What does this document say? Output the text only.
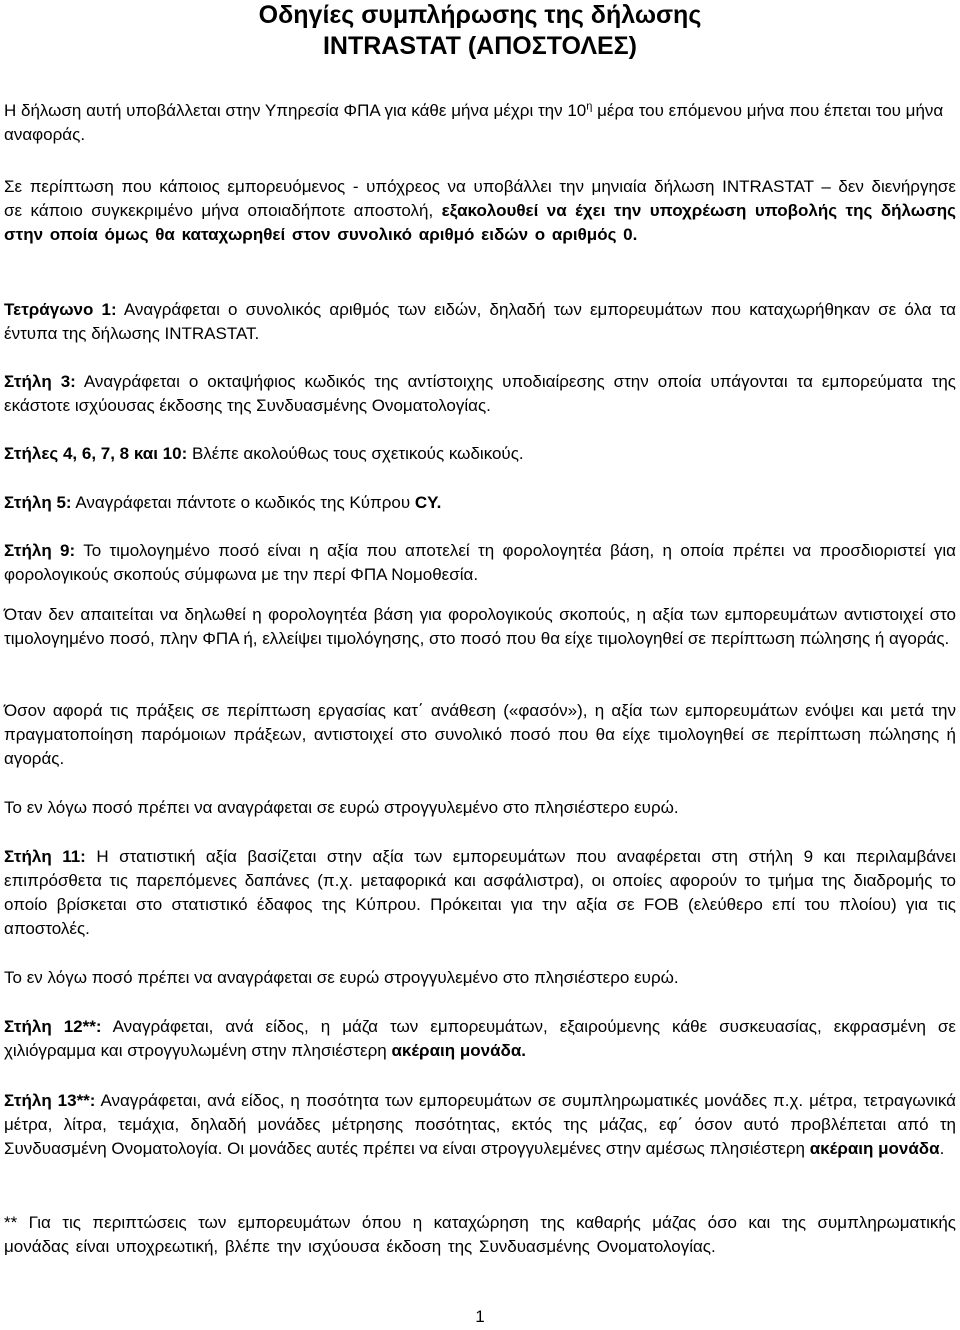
Οδηγίες συμπλήρωσης της δήλωσης
INTRASTAT (ΑΠΟΣΤΟΛΕΣ)

Η δήλωση αυτή υποβάλλεται στην Υπηρεσία ΦΠΑ για κάθε μήνα μέχρι την $10^\eta$ μέρα του επόμενου μήνα που έπεται του μήνα αναφοράς.

Σε περίπτωση που κάποιος εμπορευόμενος - υπόχρεος να υποβάλλει την μηνιαία δήλωση INTRASTAT – δεν διενήργησε σε κάποιο συγκεκριμένο μήνα οποιαδήποτε αποστολή, εξακολουθεί να έχει την υποχρέωση υποβολής της δήλωσης στην οποία όμως θα καταχωρηθεί στον συνολικό αριθμό ειδών ο αριθμός 0.

Τετράγωνο 1: Αναγράφεται ο συνολικός αριθμός των ειδών, δηλαδή των εμπορευμάτων που καταχωρήθηκαν σε όλα τα έντυπα της δήλωσης INTRASTAT.

Στήλη 3: Αναγράφεται ο οκταψήφιος κωδικός της αντίστοιχης υποδιαίρεσης στην οποία υπάγονται τα εμπορεύματα της εκάστοτε ισχύουσας έκδοσης της Συνδυασμένης Ονοματολογίας.

Στήλες 4, 6, 7, 8 και 10: Βλέπε ακολούθως τους σχετικούς κωδικούς.

Στήλη 5: Αναγράφεται πάντοτε ο κωδικός της Κύπρου CY.

Στήλη 9: Το τιμολογημένο ποσό είναι η αξία που αποτελεί τη φορολογητέα βάση, η οποία πρέπει να προσδιοριστεί για φορολογικούς σκοπούς σύμφωνα με την περί ΦΠΑ Νομοθεσία.

Όταν δεν απαιτείται να δηλωθεί η φορολογητέα βάση για φορολογικούς σκοπούς, η αξία των εμπορευμάτων αντιστοιχεί στο τιμολογημένο ποσό, πλην ΦΠΑ ή, ελλείψει τιμολόγησης, στο ποσό που θα είχε τιμολογηθεί σε περίπτωση πώλησης ή αγοράς.

Όσον αφορά τις πράξεις σε περίπτωση εργασίας κατ΄ ανάθεση («φασόν»), η αξία των εμπορευμάτων ενόψει και μετά την πραγματοποίηση παρόμοιων πράξεων, αντιστοιχεί στο συνολικό ποσό που θα είχε τιμολογηθεί σε περίπτωση πώλησης ή αγοράς.

Το εν λόγω ποσό πρέπει να αναγράφεται σε ευρώ στρογγυλεμένο στο πλησιέστερο ευρώ.

Στήλη 11: Η στατιστική αξία βασίζεται στην αξία των εμπορευμάτων που αναφέρεται στη στήλη 9 και περιλαμβάνει επιπρόσθετα τις παρεπόμενες δαπάνες (π.χ. μεταφορικά και ασφάλιστρα), οι οποίες αφορούν το τμήμα της διαδρομής το οποίο βρίσκεται στο στατιστικό έδαφος της Κύπρου. Πρόκειται για την αξία σε FOB (ελεύθερο επί του πλοίου) για τις αποστολές.

Το εν λόγω ποσό πρέπει να αναγράφεται σε ευρώ στρογγυλεμένο στο πλησιέστερο ευρώ.

Στήλη 12**: Αναγράφεται, ανά είδος, η μάζα των εμπορευμάτων, εξαιρούμενης κάθε συσκευασίας, εκφρασμένη σε χιλιόγραμμα και στρογγυλωμένη στην πλησιέστερη ακέραιη μονάδα.

Στήλη 13**: Αναγράφεται, ανά είδος, η ποσότητα των εμπορευμάτων σε συμπληρωματικές μονάδες π.χ. μέτρα, τετραγωνικά μέτρα, λίτρα, τεμάχια, δηλαδή μονάδες μέτρησης ποσότητας, εκτός της μάζας, εφ΄ όσον αυτό προβλέπεται από τη Συνδυασμένη Ονοματολογία. Οι μονάδες αυτές πρέπει να είναι στρογγυλεμένες στην αμέσως πλησιέστερη ακέραιη μονάδα.

** Για τις περιπτώσεις των εμπορευμάτων όπου η καταχώρηση της καθαρής μάζας όσο και της συμπληρωματικής μονάδας είναι υποχρεωτική, βλέπε την ισχύουσα έκδοση της Συνδυασμένης Ονοματολογίας.

1
